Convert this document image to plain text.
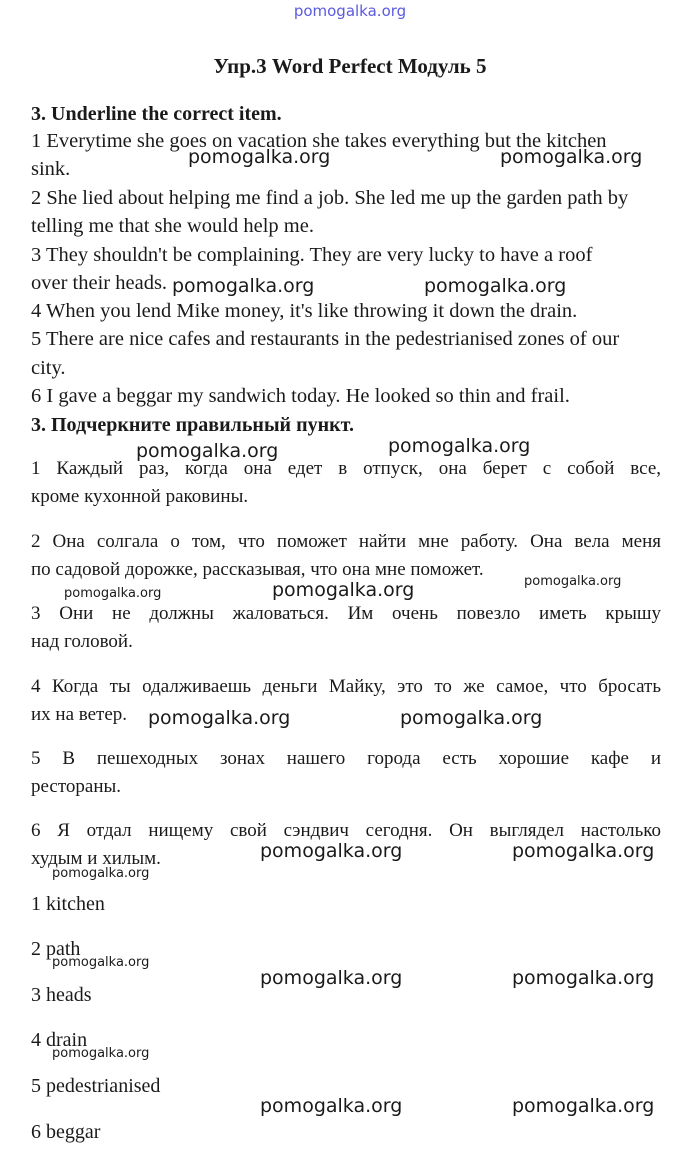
pomogalka.org
Упр.3 Word Perfect Модуль 5
3. Underline the correct item.
1 Everytime she goes on vacation she takes everything but the kitchen
sink.
2 She lied about helping me find a job. She led me up the garden path by
telling me that she would help me.
3 They shouldn't be complaining. They are very lucky to have a roof
over their heads.
4 When you lend Mike money, it's like throwing it down the drain.
5 There are nice cafes and restaurants in the pedestrianised zones of our
city.
6 I gave a beggar my sandwich today. He looked so thin and frail.
3. Подчеркните правильный пункт.
1 Каждый раз, когда она едет в отпуск, она берет с собой все,
кроме кухонной раковины.
2 Она солгала о том, что поможет найти мне работу. Она вела меня
по садовой дорожке, рассказывая, что она мне поможет.
3 Они не должны жаловаться. Им очень повезло иметь крышу
над головой.
4 Когда ты одалживаешь деньги Майку, это то же самое, что бросать
их на ветер.
5 В пешеходных зонах нашего города есть хорошие кафе и
рестораны.
6 Я отдал нищему свой сэндвич сегодня. Он выглядел настолько
худым и хилым.
1 kitchen
2 path
3 heads
4 drain
5 pedestrianised
6 beggar
pomogalka.org	pomogalka.org
pomogalka.org	pomogalka.org
pomogalka.org
pomogalka.org
pomogalka.org
pomogalka.org	pomogalka.org
pomogalka.org	pomogalka.org
pomogalka.org	pomogalka.org
pomogalka.org	pomogalka.org
pomogalka.org
pomogalka.org
pomogalka.org
pomogalka.org
pomogalka.org
